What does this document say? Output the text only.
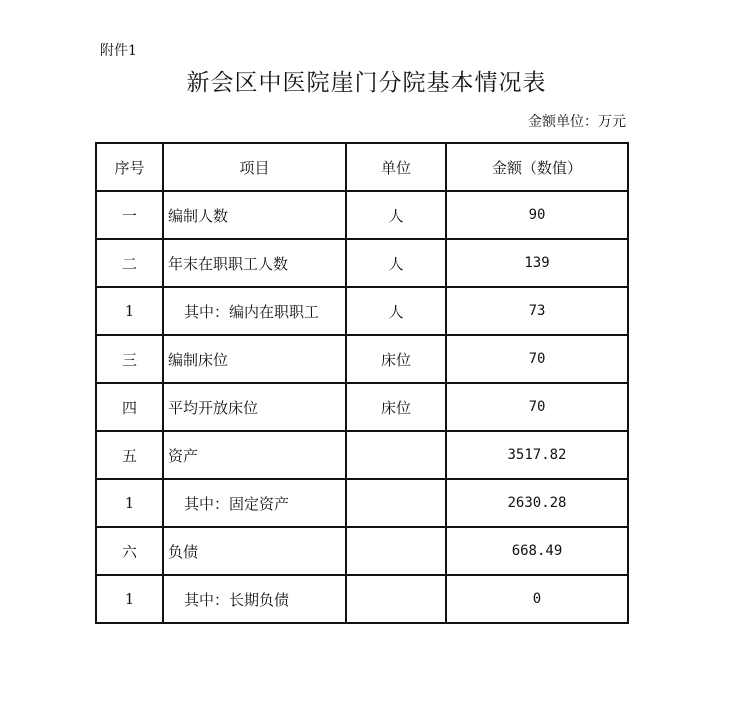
附件1
新会区中医院崖门分院基本情况表
金额单位：万元
序号	项目	单位	金额（数值）
一	编制人数	人	90
二	年末在职职工人数	人	139
1	其中：编内在职职工	人	73
三	编制床位	床位	70
四	平均开放床位	床位	70
五	资产		3517.82
1	其中：固定资产		2630.28
六	负债		668.49
1	其中：长期负债		0
